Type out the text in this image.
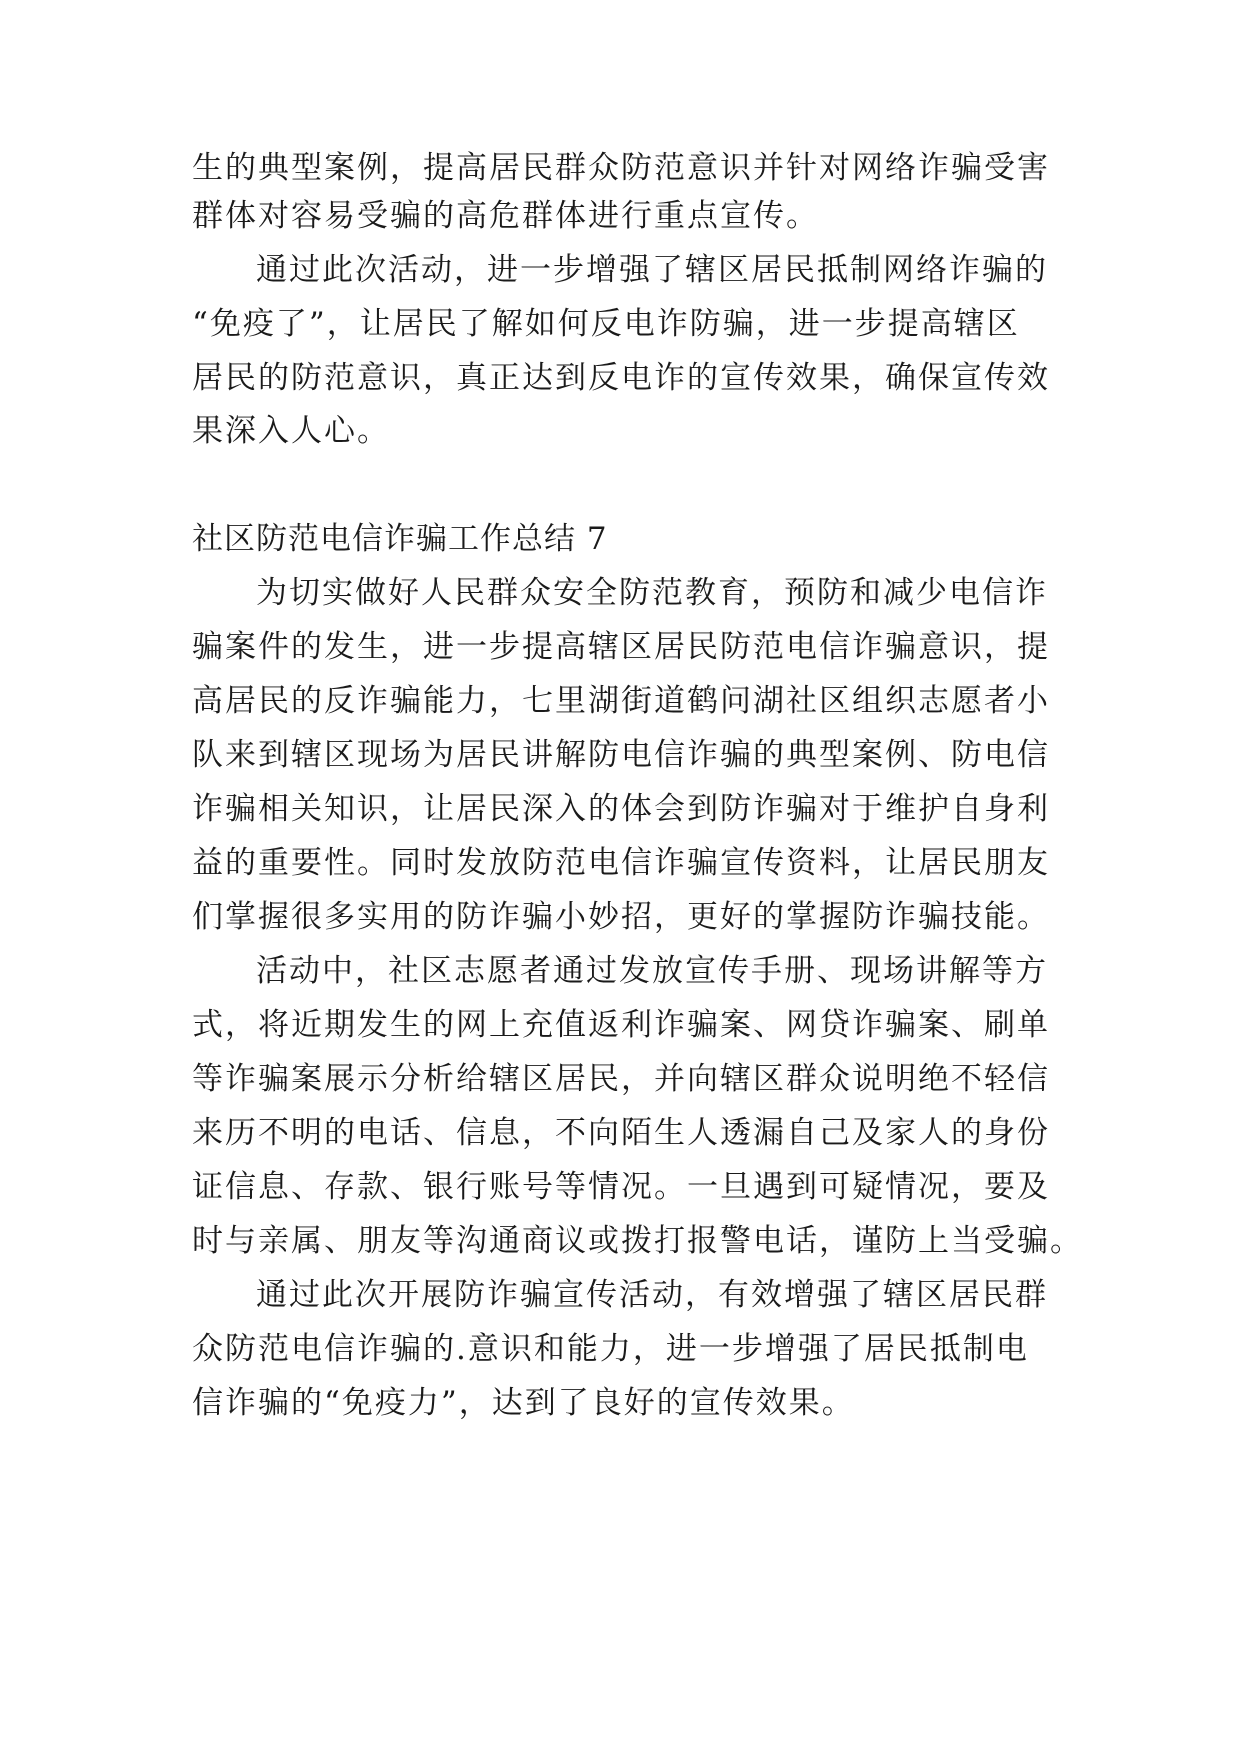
生的典型案例，提高居民群众防范意识并针对网络诈骗受害
群体对容易受骗的高危群体进行重点宣传。
通过此次活动，进一步增强了辖区居民抵制网络诈骗的
“免疫了”，让居民了解如何反电诈防骗，进一步提高辖区
居民的防范意识，真正达到反电诈的宣传效果，确保宣传效
果深入人心。
社区防范电信诈骗工作总结 7
为切实做好人民群众安全防范教育，预防和减少电信诈
骗案件的发生，进一步提高辖区居民防范电信诈骗意识，提
高居民的反诈骗能力，七里湖街道鹤问湖社区组织志愿者小
队来到辖区现场为居民讲解防电信诈骗的典型案例、防电信
诈骗相关知识，让居民深入的体会到防诈骗对于维护自身利
益的重要性。同时发放防范电信诈骗宣传资料，让居民朋友
们掌握很多实用的防诈骗小妙招，更好的掌握防诈骗技能。
活动中，社区志愿者通过发放宣传手册、现场讲解等方
式，将近期发生的网上充值返利诈骗案、网贷诈骗案、刷单
等诈骗案展示分析给辖区居民，并向辖区群众说明绝不轻信
来历不明的电话、信息，不向陌生人透漏自己及家人的身份
证信息、存款、银行账号等情况。一旦遇到可疑情况，要及
时与亲属、朋友等沟通商议或拨打报警电话，谨防上当受骗。
通过此次开展防诈骗宣传活动，有效增强了辖区居民群
众防范电信诈骗的.意识和能力，进一步增强了居民抵制电
信诈骗的“免疫力”，达到了良好的宣传效果。
